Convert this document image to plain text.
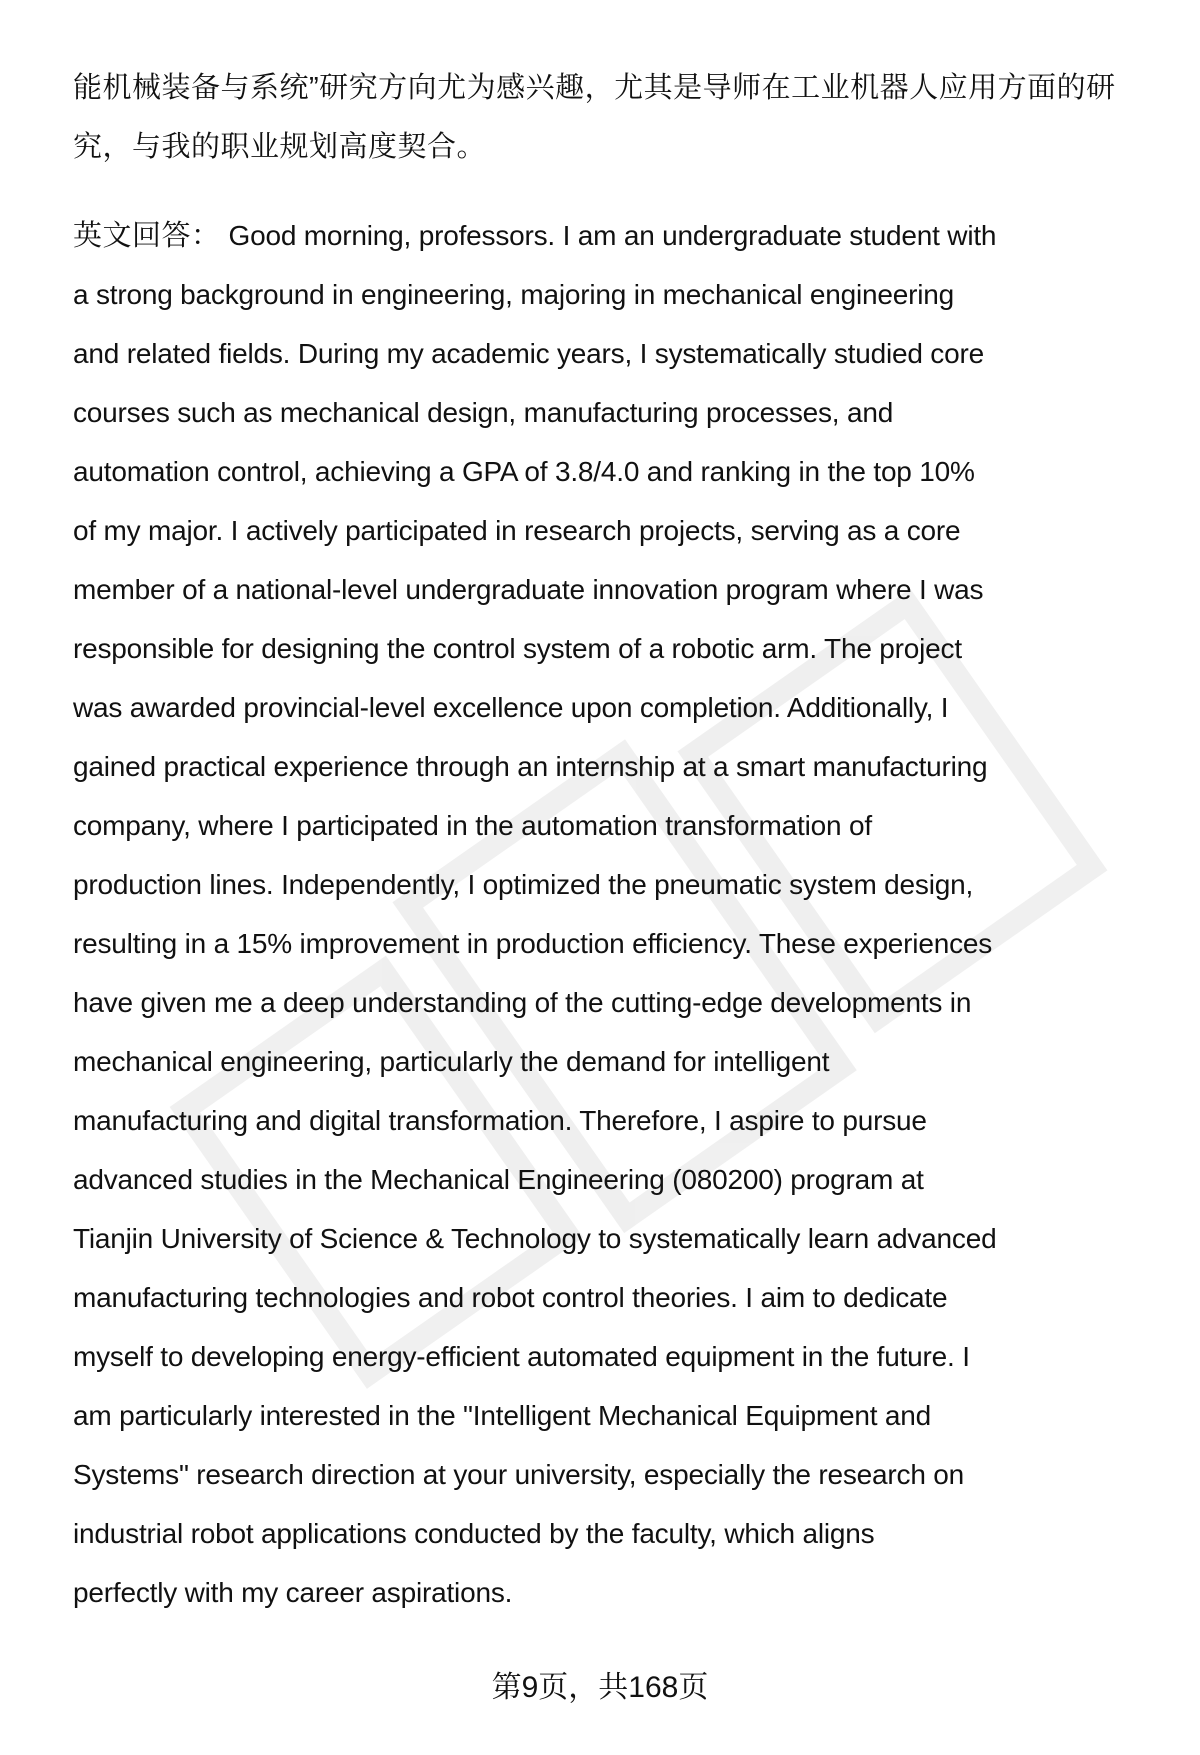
能机械装备与系统”研究方向尤为感兴趣，尤其是导师在工业机器人应用方面的研
究，与我的职业规划高度契合。
英文回答： Good morning, professors. I am an undergraduate student with
a strong background in engineering, majoring in mechanical engineering
and related fields. During my academic years, I systematically studied core
courses such as mechanical design, manufacturing processes, and
automation control, achieving a GPA of 3.8/4.0 and ranking in the top 10%
of my major. I actively participated in research projects, serving as a core
member of a national-level undergraduate innovation program where I was
responsible for designing the control system of a robotic arm. The project
was awarded provincial-level excellence upon completion. Additionally, I
gained practical experience through an internship at a smart manufacturing
company, where I participated in the automation transformation of
production lines. Independently, I optimized the pneumatic system design,
resulting in a 15% improvement in production efficiency. These experiences
have given me a deep understanding of the cutting-edge developments in
mechanical engineering, particularly the demand for intelligent
manufacturing and digital transformation. Therefore, I aspire to pursue
advanced studies in the Mechanical Engineering (080200) program at
Tianjin University of Science & Technology to systematically learn advanced
manufacturing technologies and robot control theories. I aim to dedicate
myself to developing energy-efficient automated equipment in the future. I
am particularly interested in the "Intelligent Mechanical Equipment and
Systems" research direction at your university, especially the research on
industrial robot applications conducted by the faculty, which aligns
perfectly with my career aspirations.
第9页，共168页
